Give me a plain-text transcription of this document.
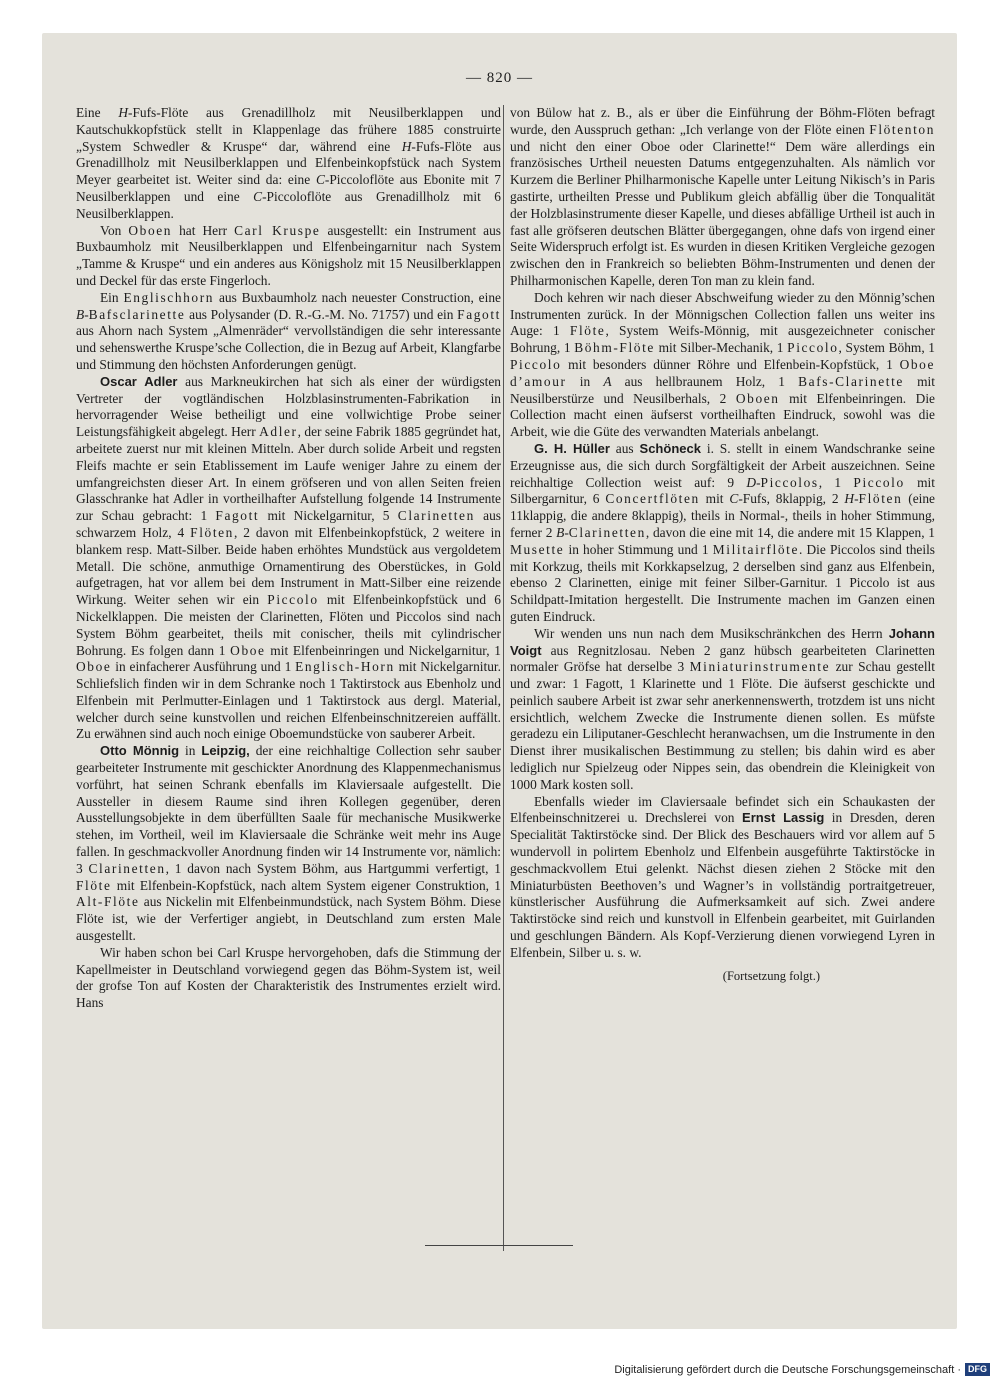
— 820 —

Eine H-Fufs-Flöte aus Grenadillholz mit Neusilberklappen und Kautschukkopfstück stellt in Klappenlage das frühere 1885 construirte „System Schwedler & Kruspe“ dar, während eine H-Fufs-Flöte aus Grenadillholz mit Neusilberklappen und Elfenbeinkopfstück nach System Meyer gearbeitet ist. Weiter sind da: eine C-Piccoloflöte aus Ebonite mit 7 Neusilberklappen und eine C-Piccoloflöte aus Grenadillholz mit 6 Neusilberklappen.

Von Oboen hat Herr Carl Kruspe ausgestellt: ein Instrument aus Buxbaumholz mit Neusilberklappen und Elfenbeingarnitur nach System „Tamme & Kruspe“ und ein anderes aus Königsholz mit 15 Neusilberklappen und Deckel für das erste Fingerloch.

Ein Englischhorn aus Buxbaumholz nach neuester Construction, eine B-Bafsclarinette aus Polysander (D. R.-G.-M. No. 71757) und ein Fagott aus Ahorn nach System „Almenräder“ vervollständigen die sehr interessante und sehenswerthe Kruspe’sche Collection, die in Bezug auf Arbeit, Klangfarbe und Stimmung den höchsten Anforderungen genügt.

Oscar Adler aus Markneukirchen hat sich als einer der würdigsten Vertreter der vogtländischen Holzblasinstrumenten-Fabrikation in hervorragender Weise betheiligt und eine vollwichtige Probe seiner Leistungsfähigkeit abgelegt. Herr Adler, der seine Fabrik 1885 gegründet hat, arbeitete zuerst nur mit kleinen Mitteln. Aber durch solide Arbeit und regsten Fleifs machte er sein Etablissement im Laufe weniger Jahre zu einem der umfangreichsten dieser Art. In einem gröfseren und von allen Seiten freien Glasschranke hat Adler in vortheilhafter Aufstellung folgende 14 Instrumente zur Schau gebracht: 1 Fagott mit Nickelgarnitur, 5 Clarinetten aus schwarzem Holz, 4 Flöten, 2 davon mit Elfenbeinkopfstück, 2 weitere in blankem resp. Matt-Silber. Beide haben erhöhtes Mundstück aus vergoldetem Metall. Die schöne, anmuthige Ornamentirung des Oberstückes, in Gold aufgetragen, hat vor allem bei dem Instrument in Matt-Silber eine reizende Wirkung. Weiter sehen wir ein Piccolo mit Elfenbeinkopfstück und 6 Nickelklappen. Die meisten der Clarinetten, Flöten und Piccolos sind nach System Böhm gearbeitet, theils mit conischer, theils mit cylindrischer Bohrung. Es folgen dann 1 Oboe mit Elfenbeinringen und Nickelgarnitur, 1 Oboe in einfacherer Ausführung und 1 Englisch-Horn mit Nickelgarnitur. Schliefslich finden wir in dem Schranke noch 1 Taktirstock aus Ebenholz und Elfenbein mit Perlmutter-Einlagen und 1 Taktirstock aus dergl. Material, welcher durch seine kunstvollen und reichen Elfenbeinschnitzereien auffällt. Zu erwähnen sind auch noch einige Oboemundstücke von sauberer Arbeit.

Otto Mönnig in Leipzig, der eine reichhaltige Collection sehr sauber gearbeiteter Instrumente mit geschickter Anordnung des Klappenmechanismus vorführt, hat seinen Schrank ebenfalls im Klaviersaale aufgestellt. Die Aussteller in diesem Raume sind ihren Kollegen gegenüber, deren Ausstellungsobjekte in dem überfüllten Saale für mechanische Musikwerke stehen, im Vortheil, weil im Klaviersaale die Schränke weit mehr ins Auge fallen. In geschmackvoller Anordnung finden wir 14 Instrumente vor, nämlich: 3 Clarinetten, 1 davon nach System Böhm, aus Hartgummi verfertigt, 1 Flöte mit Elfenbein-Kopfstück, nach altem System eigener Construktion, 1 Alt-Flöte aus Nickelin mit Elfenbeinmundstück, nach System Böhm. Diese Flöte ist, wie der Verfertiger angiebt, in Deutschland zum ersten Male ausgestellt.

Wir haben schon bei Carl Kruspe hervorgehoben, dafs die Stimmung der Kapellmeister in Deutschland vorwiegend gegen das Böhm-System ist, weil der grofse Ton auf Kosten der Charakteristik des Instrumentes erzielt wird. Hans

von Bülow hat z. B., als er über die Einführung der Böhm-Flöten befragt wurde, den Ausspruch gethan: „Ich verlange von der Flöte einen Flötenton und nicht den einer Oboe oder Clarinette!“ Dem wäre allerdings ein französisches Urtheil neuesten Datums entgegenzuhalten. Als nämlich vor Kurzem die Berliner Philharmonische Kapelle unter Leitung Nikisch’s in Paris gastirte, urtheilten Presse und Publikum gleich abfällig über die Tonqualität der Holzblasinstrumente dieser Kapelle, und dieses abfällige Urtheil ist auch in fast alle gröfseren deutschen Blätter übergegangen, ohne dafs von irgend einer Seite Widerspruch erfolgt ist. Es wurden in diesen Kritiken Vergleiche gezogen zwischen den in Frankreich so beliebten Böhm-Instrumenten und denen der Philharmonischen Kapelle, deren Ton man zu klein fand.

Doch kehren wir nach dieser Abschweifung wieder zu den Mönnig’schen Instrumenten zurück. In der Mönnigschen Collection fallen uns weiter ins Auge: 1 Flöte, System Weifs-Mönnig, mit ausgezeichneter conischer Bohrung, 1 Böhm-Flöte mit Silber-Mechanik, 1 Piccolo, System Böhm, 1 Piccolo mit besonders dünner Röhre und Elfenbein-Kopfstück, 1 Oboe d’amour in A aus hellbraunem Holz, 1 Bafs-Clarinette mit Neusilberstürze und Neusilberhals, 2 Oboen mit Elfenbeinringen. Die Collection macht einen äufserst vortheilhaften Eindruck, sowohl was die Arbeit, wie die Güte des verwandten Materials anbelangt.

G. H. Hüller aus Schöneck i. S. stellt in einem Wandschranke seine Erzeugnisse aus, die sich durch Sorgfältigkeit der Arbeit auszeichnen. Seine reichhaltige Collection weist auf: 9 D-Piccolos, 1 Piccolo mit Silbergarnitur, 6 Concertflöten mit C-Fufs, 8klappig, 2 H-Flöten (eine 11klappig, die andere 8klappig), theils in Normal-, theils in hoher Stimmung, ferner 2 B-Clarinetten, davon die eine mit 14, die andere mit 15 Klappen, 1 Musette in hoher Stimmung und 1 Militairflöte. Die Piccolos sind theils mit Korkzug, theils mit Korkkapselzug, 2 derselben sind ganz aus Elfenbein, ebenso 2 Clarinetten, einige mit feiner Silber-Garnitur. 1 Piccolo ist aus Schildpatt-Imitation hergestellt. Die Instrumente machen im Ganzen einen guten Eindruck.

Wir wenden uns nun nach dem Musikschränkchen des Herrn Johann Voigt aus Regnitzlosau. Neben 2 ganz hübsch gearbeiteten Clarinetten normaler Gröfse hat derselbe 3 Miniaturinstrumente zur Schau gestellt und zwar: 1 Fagott, 1 Klarinette und 1 Flöte. Die äufserst geschickte und peinlich saubere Arbeit ist zwar sehr anerkennenswerth, trotzdem ist uns nicht ersichtlich, welchem Zwecke die Instrumente dienen sollen. Es müfste geradezu ein Liliputaner-Geschlecht heranwachsen, um die Instrumente in den Dienst ihrer musikalischen Bestimmung zu stellen; bis dahin wird es aber lediglich nur Spielzeug oder Nippes sein, das obendrein die Kleinigkeit von 1000 Mark kosten soll.

Ebenfalls wieder im Claviersaale befindet sich ein Schaukasten der Elfenbeinschnitzerei u. Drechslerei von Ernst Lassig in Dresden, deren Specialität Taktirstöcke sind. Der Blick des Beschauers wird vor allem auf 5 wundervoll in polirtem Ebenholz und Elfenbein ausgeführte Taktirstöcke in geschmackvollem Etui gelenkt. Nächst diesen ziehen 2 Stöcke mit den Miniaturbüsten Beethoven’s und Wagner’s in vollständig portraitgetreuer, künstlerischer Ausführung die Aufmerksamkeit auf sich. Zwei andere Taktirstöcke sind reich und kunstvoll in Elfenbein gearbeitet, mit Guirlanden und geschlungen Bändern. Als Kopf-Verzierung dienen vorwiegend Lyren in Elfenbein, Silber u. s. w.

(Fortsetzung folgt.)
Digitalisierung gefördert durch die Deutsche Forschungsgemeinschaft · DFG
